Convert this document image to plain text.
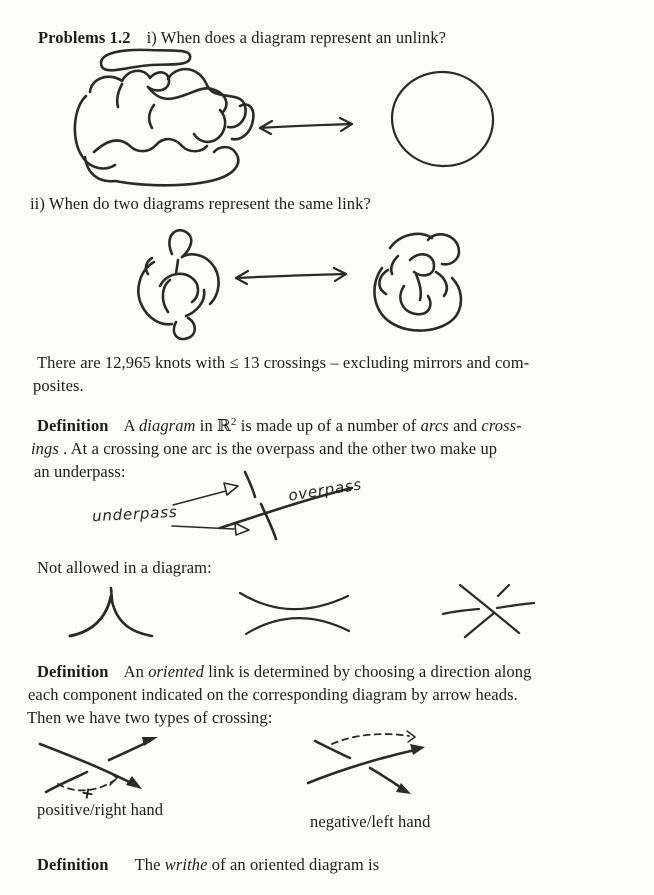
Problems 1.2 i) When does a diagram represent an unlink?
ii) When do two diagrams represent the same link?
There are 12,965 knots with ≤ 13 crossings – excluding mirrors and com-
posites.
Definition A diagram in ℝ$^2$ is made up of a number of arcs and cross-
ings . At a crossing one arc is the overpass and the other two make up
an underpass:
underpass
overpass
Not allowed in a diagram:
Definition An oriented link is determined by choosing a direction along
each component indicated on the corresponding diagram by arrow heads.
Then we have two types of crossing:
+
positive/right hand
negative/left hand
Definition The writhe of an oriented diagram is
